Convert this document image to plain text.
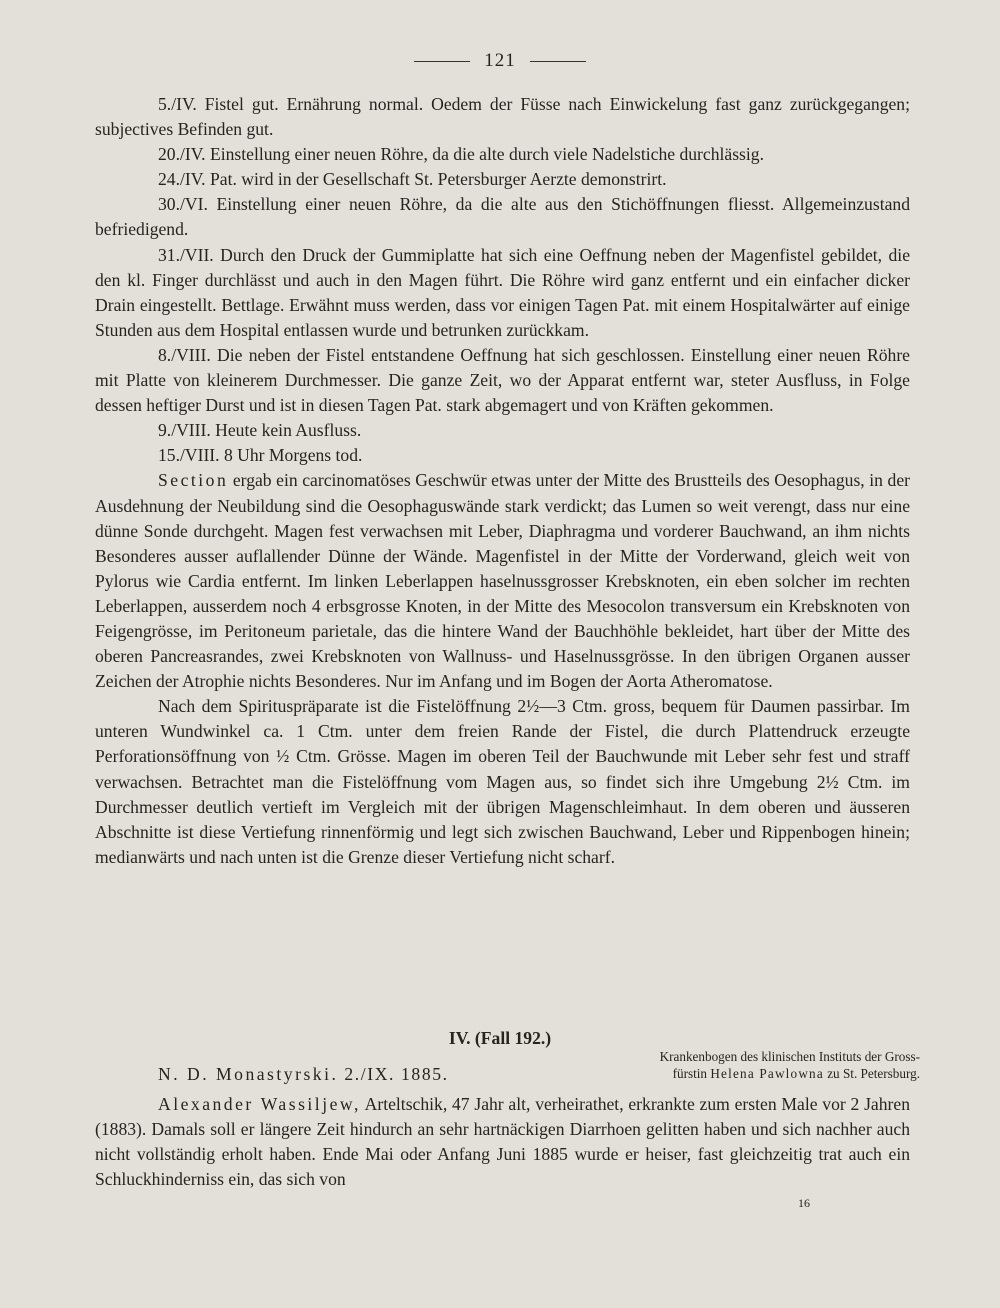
121

5./IV. Fistel gut. Ernährung normal. Oedem der Füsse nach Einwickelung fast ganz zurückgegangen; subjectives Befinden gut.

20./IV. Einstellung einer neuen Röhre, da die alte durch viele Nadelstiche durchlässig.

24./IV. Pat. wird in der Gesellschaft St. Petersburger Aerzte demonstrirt.

30./VI. Einstellung einer neuen Röhre, da die alte aus den Stichöffnungen fliesst. Allgemeinzustand befriedigend.

31./VII. Durch den Druck der Gummiplatte hat sich eine Oeffnung neben der Magenfistel gebildet, die den kl. Finger durchlässt und auch in den Magen führt. Die Röhre wird ganz entfernt und ein einfacher dicker Drain eingestellt. Bettlage. Erwähnt muss werden, dass vor einigen Tagen Pat. mit einem Hospitalwärter auf einige Stunden aus dem Hospital entlassen wurde und betrunken zurückkam.

8./VIII. Die neben der Fistel entstandene Oeffnung hat sich geschlossen. Einstellung einer neuen Röhre mit Platte von kleinerem Durchmesser. Die ganze Zeit, wo der Apparat entfernt war, steter Ausfluss, in Folge dessen heftiger Durst und ist in diesen Tagen Pat. stark abgemagert und von Kräften gekommen.

9./VIII. Heute kein Ausfluss.

15./VIII. 8 Uhr Morgens tod.

Section ergab ein carcinomatöses Geschwür etwas unter der Mitte des Brustteils des Oesophagus, in der Ausdehnung der Neubildung sind die Oesophaguswände stark verdickt; das Lumen so weit verengt, dass nur eine dünne Sonde durchgeht. Magen fest verwachsen mit Leber, Diaphragma und vorderer Bauchwand, an ihm nichts Besonderes ausser auflallender Dünne der Wände. Magenfistel in der Mitte der Vorderwand, gleich weit von Pylorus wie Cardia entfernt. Im linken Leberlappen haselnussgrosser Krebsknoten, ein eben solcher im rechten Leberlappen, ausserdem noch 4 erbsgrosse Knoten, in der Mitte des Mesocolon transversum ein Krebsknoten von Feigengrösse, im Peritoneum parietale, das die hintere Wand der Bauchhöhle bekleidet, hart über der Mitte des oberen Pancreasrandes, zwei Krebsknoten von Wallnuss- und Haselnussgrösse. In den übrigen Organen ausser Zeichen der Atrophie nichts Besonderes. Nur im Anfang und im Bogen der Aorta Atheromatose.

Nach dem Spirituspräparate ist die Fistelöffnung 2½—3 Ctm. gross, bequem für Daumen passirbar. Im unteren Wundwinkel ca. 1 Ctm. unter dem freien Rande der Fistel, die durch Plattendruck erzeugte Perforationsöffnung von ½ Ctm. Grösse. Magen im oberen Teil der Bauchwunde mit Leber sehr fest und straff verwachsen. Betrachtet man die Fistelöffnung vom Magen aus, so findet sich ihre Umgebung 2½ Ctm. im Durchmesser deutlich vertieft im Vergleich mit der übrigen Magenschleimhaut. In dem oberen und äusseren Abschnitte ist diese Vertiefung rinnenförmig und legt sich zwischen Bauchwand, Leber und Rippenbogen hinein; medianwärts und nach unten ist die Grenze dieser Vertiefung nicht scharf.

IV. (Fall 192.)
N. D. Monastyrski. 2./IX. 1885.
Krankenbogen des klinischen Instituts der Gross-
fürstin Helena Pawlowna zu St. Petersburg.

Alexander Wassiljew, Arteltschik, 47 Jahr alt, verheirathet, erkrankte zum ersten Male vor 2 Jahren (1883). Damals soll er längere Zeit hindurch an sehr hartnäckigen Diarrhoen gelitten haben und sich nachher auch nicht vollständig erholt haben. Ende Mai oder Anfang Juni 1885 wurde er heiser, fast gleichzeitig trat auch ein Schluckhinderniss ein, das sich von

16
